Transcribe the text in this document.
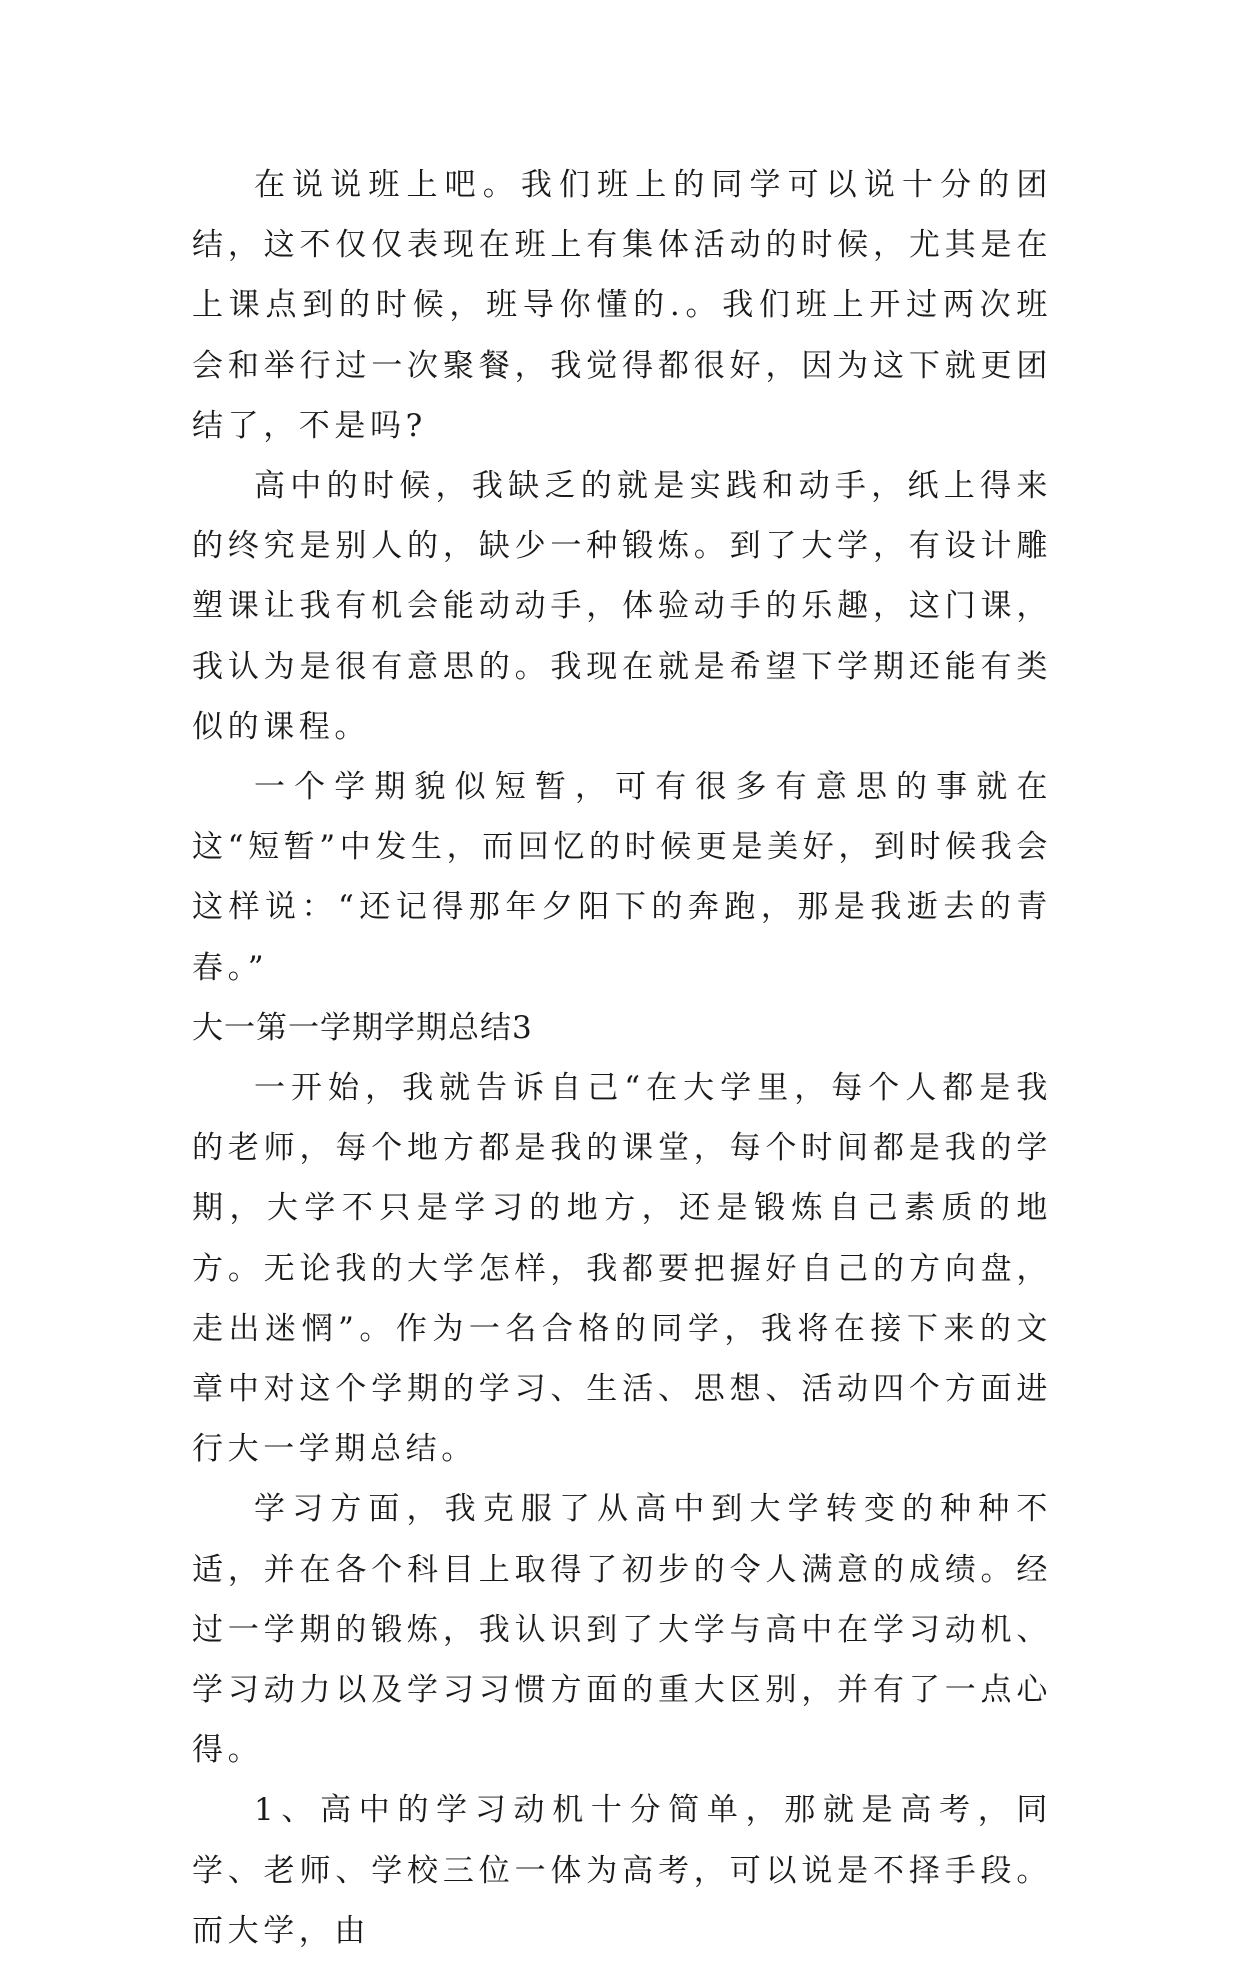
在说说班上吧。我们班上的同学可以说十分的团结，这不仅仅表现在班上有集体活动的时候，尤其是在上课点到的时候，班导你懂的.。我们班上开过两次班会和举行过一次聚餐，我觉得都很好，因为这下就更团结了，不是吗?

高中的时候，我缺乏的就是实践和动手，纸上得来的终究是别人的，缺少一种锻炼。到了大学，有设计雕塑课让我有机会能动动手，体验动手的乐趣，这门课，我认为是很有意思的。我现在就是希望下学期还能有类似的课程。

一个学期貌似短暂，可有很多有意思的事就在这“短暂”中发生，而回忆的时候更是美好，到时候我会这样说：“还记得那年夕阳下的奔跑，那是我逝去的青春。”

大一第一学期学期总结3

一开始，我就告诉自己“在大学里，每个人都是我的老师，每个地方都是我的课堂，每个时间都是我的学期，大学不只是学习的地方，还是锻炼自己素质的地方。无论我的大学怎样，我都要把握好自己的方向盘，走出迷惘”。作为一名合格的同学，我将在接下来的文章中对这个学期的学习、生活、思想、活动四个方面进行大一学期总结。

学习方面，我克服了从高中到大学转变的种种不适，并在各个科目上取得了初步的令人满意的成绩。经过一学期的锻炼，我认识到了大学与高中在学习动机、学习动力以及学习习惯方面的重大区别，并有了一点心得。

1、高中的学习动机十分简单，那就是高考，同学、老师、学校三位一体为高考，可以说是不择手段。而大学，由
